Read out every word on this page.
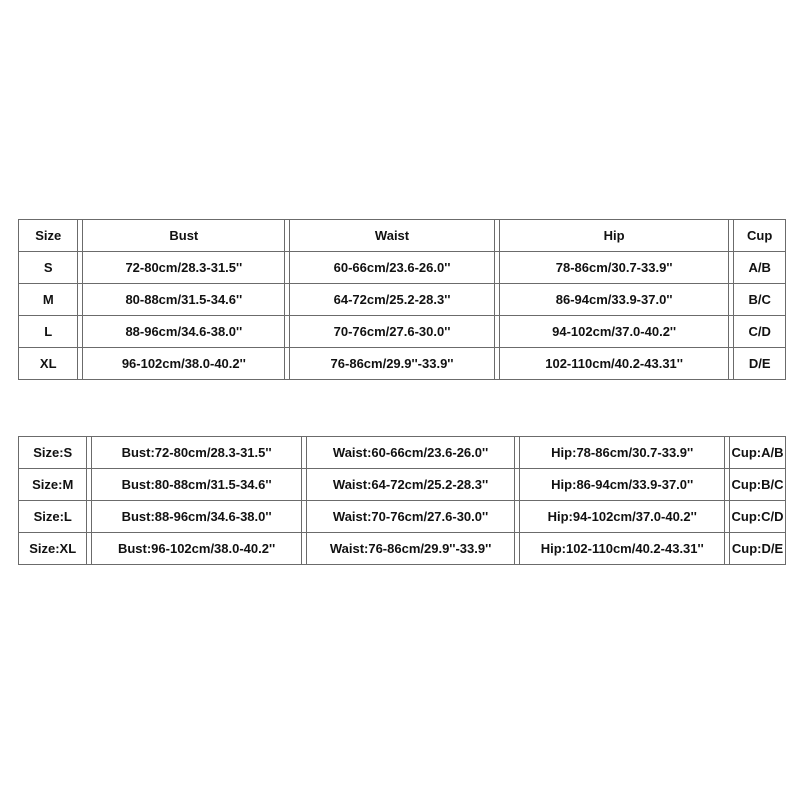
Size		Bust		Waist		Hip		Cup
S		72-80cm/28.3-31.5''		60-66cm/23.6-26.0''		78-86cm/30.7-33.9''		A/B
M		80-88cm/31.5-34.6''		64-72cm/25.2-28.3''		86-94cm/33.9-37.0''		B/C
L		88-96cm/34.6-38.0''		70-76cm/27.6-30.0''		94-102cm/37.0-40.2''		C/D
XL		96-102cm/38.0-40.2''		76-86cm/29.9''-33.9''		102-110cm/40.2-43.31''		D/E
Size:S		Bust:72-80cm/28.3-31.5''		Waist:60-66cm/23.6-26.0''		Hip:78-86cm/30.7-33.9''		Cup:A/B
Size:M		Bust:80-88cm/31.5-34.6''		Waist:64-72cm/25.2-28.3''		Hip:86-94cm/33.9-37.0''		Cup:B/C
Size:L		Bust:88-96cm/34.6-38.0''		Waist:70-76cm/27.6-30.0''		Hip:94-102cm/37.0-40.2''		Cup:C/D
Size:XL		Bust:96-102cm/38.0-40.2''		Waist:76-86cm/29.9''-33.9''		Hip:102-110cm/40.2-43.31''		Cup:D/E
